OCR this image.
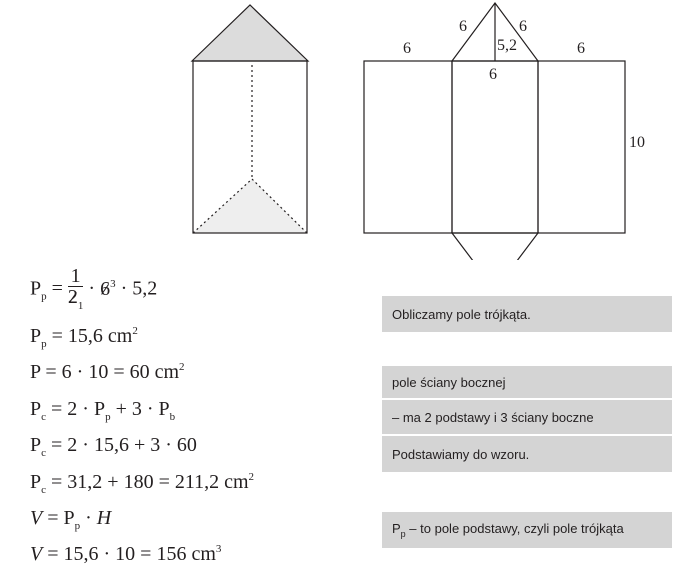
6	6
5,2
6
6	6
10
$P_p = \frac{1}{2_1} \cdot 6^3 \cdot 5,2$
$P_p = 15,6$ $cm^2$
P = 6 · 10 = 60 $cm^2$
$P_c = 2 \cdot P_p + 3 \cdot P_b$
$P_c = 2 \cdot 15,6 + 3 \cdot 60$
$P_c = 31,2 + 180 = 211,2$ $cm^2$
$V = P_p \cdot H$
V = 15,6 · 10 = 156 $cm^3$
Obliczamy pole trójkąta.
pole ściany bocznej
– ma 2 podstawy i 3 ściany boczne
Podstawiamy do wzoru.
$P_p$ – to pole podstawy, czyli pole trójkąta
